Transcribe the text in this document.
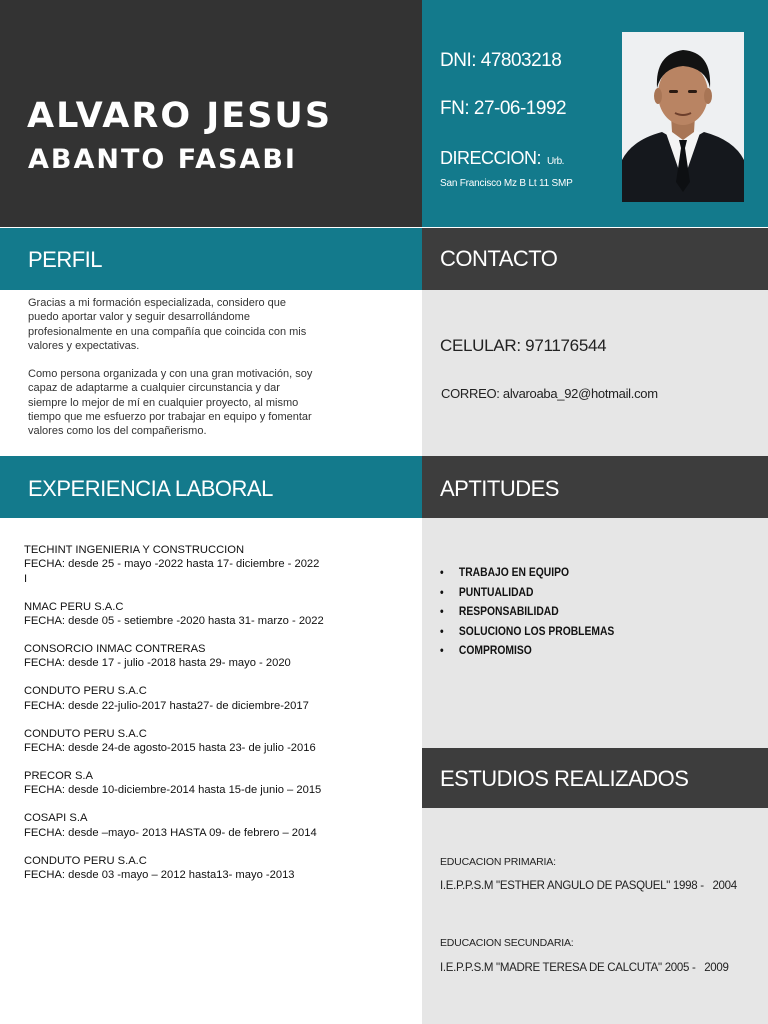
ALVARO JESUS
ABANTO FASABI
DNI: 47803218
FN: 27-06-1992
DIRECCION: Urb.
San Francisco Mz B Lt 11 SMP
PERFIL	CONTACTO

Gracias a mi formación especializada, considero que puedo aportar valor y seguir desarrollándome profesionalmente en una compañía que coincida con mis valores y expectativas.

Como persona organizada y con una gran motivación, soy capaz de adaptarme a cualquier circunstancia y dar siempre lo mejor de mí en cualquier proyecto, al mismo tiempo que me esfuerzo por trabajar en equipo y fomentar valores como los del compañerismo.

CELULAR: 971176544
CORREO: alvaroaba_92@hotmail.com
EXPERIENCIA LABORAL	APTITUDES
TECHINT INGENIERIA Y CONSTRUCCION
FECHA: desde 25 - mayo -2022 hasta 17- diciembre - 2022
I
NMAC PERU S.A.C
FECHA: desde 05 - setiembre -2020 hasta 31- marzo - 2022
CONSORCIO INMAC CONTRERAS
FECHA: desde 17 - julio -2018 hasta 29- mayo - 2020
CONDUTO PERU S.A.C
FECHA: desde 22-julio-2017 hasta27- de diciembre-2017
CONDUTO PERU S.A.C
FECHA: desde 24-de agosto-2015 hasta 23- de julio -2016
PRECOR S.A
FECHA: desde 10-diciembre-2014 hasta 15-de junio – 2015
COSAPI S.A
FECHA: desde –mayo- 2013 HASTA 09- de febrero – 2014
CONDUTO PERU S.A.C
FECHA: desde 03 -mayo – 2012 hasta13- mayo -2013
• TRABAJO EN EQUIPO
• PUNTUALIDAD
• RESPONSABILIDAD
• SOLUCIONO LOS PROBLEMAS
• COMPROMISO
ESTUDIOS REALIZADOS
EDUCACION PRIMARIA:
I.E.P.P.S.M "ESTHER ANGULO DE PASQUEL" 1998 - 2004
EDUCACION SECUNDARIA:
I.E.P.P.S.M "MADRE TERESA DE CALCUTA" 2005 - 2009
